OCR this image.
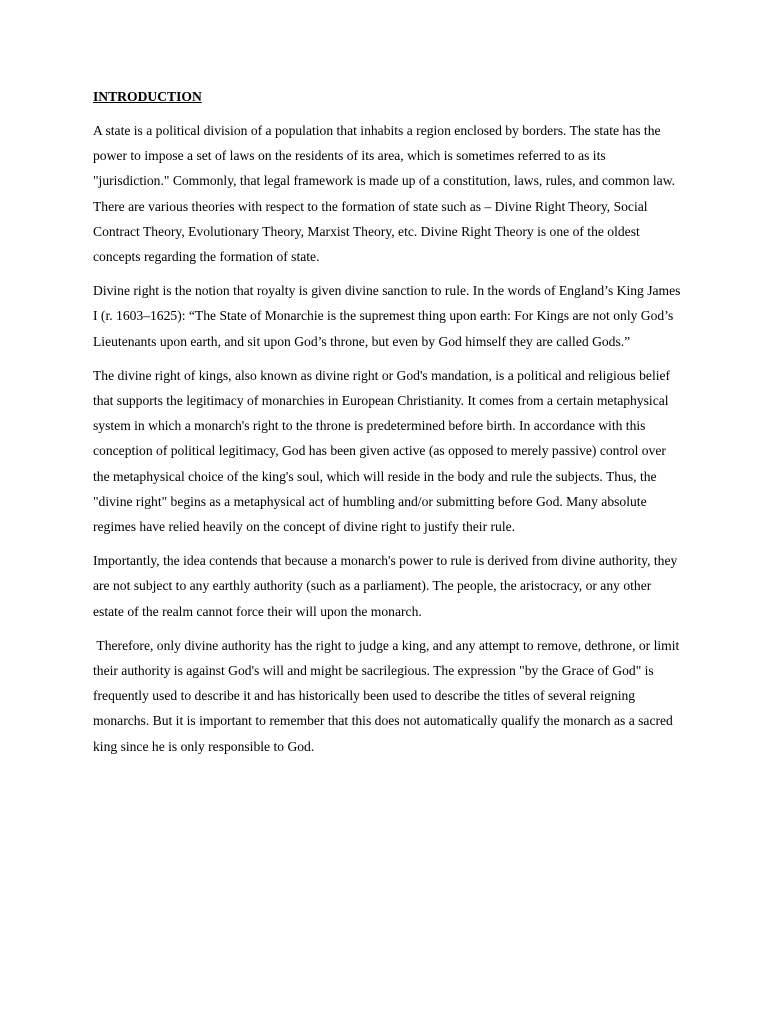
INTRODUCTION

A state is a political division of a population that inhabits a region enclosed by borders. The state has the power to impose a set of laws on the residents of its area, which is sometimes referred to as its "jurisdiction." Commonly, that legal framework is made up of a constitution, laws, rules, and common law. There are various theories with respect to the formation of state such as – Divine Right Theory, Social Contract Theory, Evolutionary Theory, Marxist Theory, etc. Divine Right Theory is one of the oldest concepts regarding the formation of state.

Divine right is the notion that royalty is given divine sanction to rule. In the words of England’s King James I (r. 1603–1625): “The State of Monarchie is the supremest thing upon earth: For Kings are not only God’s Lieutenants upon earth, and sit upon God’s throne, but even by God himself they are called Gods.”

The divine right of kings, also known as divine right or God's mandation, is a political and religious belief that supports the legitimacy of monarchies in European Christianity. It comes from a certain metaphysical system in which a monarch's right to the throne is predetermined before birth. In accordance with this conception of political legitimacy, God has been given active (as opposed to merely passive) control over the metaphysical choice of the king's soul, which will reside in the body and rule the subjects. Thus, the "divine right" begins as a metaphysical act of humbling and/or submitting before God. Many absolute regimes have relied heavily on the concept of divine right to justify their rule.

Importantly, the idea contends that because a monarch's power to rule is derived from divine authority, they are not subject to any earthly authority (such as a parliament). The people, the aristocracy, or any other estate of the realm cannot force their will upon the monarch.

Therefore, only divine authority has the right to judge a king, and any attempt to remove, dethrone, or limit their authority is against God's will and might be sacrilegious. The expression "by the Grace of God" is frequently used to describe it and has historically been used to describe the titles of several reigning monarchs. But it is important to remember that this does not automatically qualify the monarch as a sacred king since he is only responsible to God.
